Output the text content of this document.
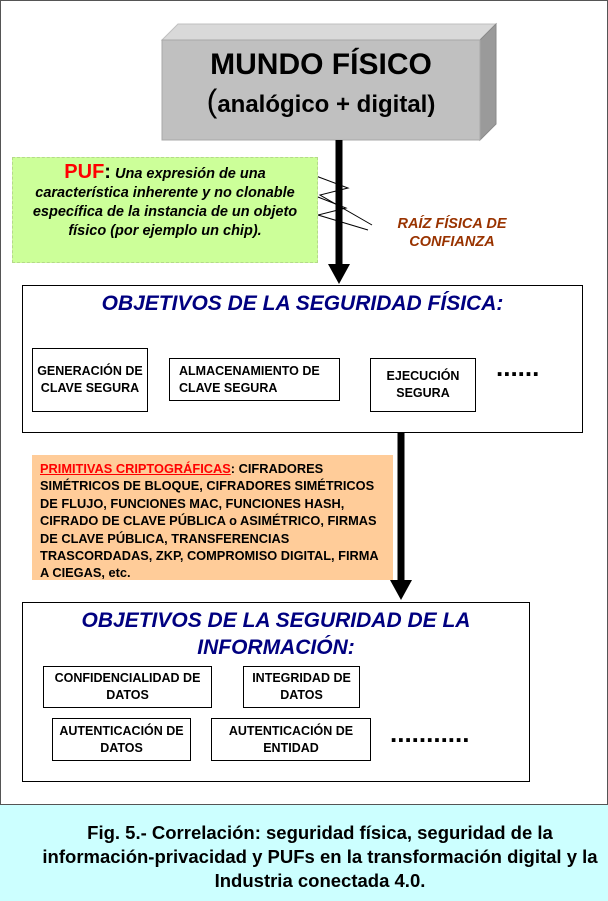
MUNDO FÍSICO
(analógico + digital)
PUF: Una expresión de una característica inherente y no clonable específica de la instancia de un objeto físico (por ejemplo un chip).	RAÍZ FÍSICA DE CONFIANZA
OBJETIVOS DE LA SEGURIDAD FÍSICA:
GENERACIÓN DE CLAVE SEGURA
ALMACENAMIENTO DE CLAVE SEGURA
EJECUCIÓN SEGURA
......
PRIMITIVAS CRIPTOGRÁFICAS: CIFRADORES SIMÉTRICOS DE BLOQUE, CIFRADORES SIMÉTRICOS DE FLUJO, FUNCIONES MAC, FUNCIONES HASH, CIFRADO DE CLAVE PÚBLICA o ASIMÉTRICO, FIRMAS DE CLAVE PÚBLICA, TRANSFERENCIAS TRASCORDADAS, ZKP, COMPROMISO DIGITAL, FIRMA A CIEGAS, etc.
OBJETIVOS DE LA SEGURIDAD DE LA INFORMACIÓN:
CONFIDENCIALIDAD DE DATOS
INTEGRIDAD DE DATOS
AUTENTICACIÓN DE DATOS
AUTENTICACIÓN DE ENTIDAD	...........
Fig. 5.- Correlación: seguridad física, seguridad de la información-privacidad y PUFs en la transformación digital y la Industria conectada 4.0.
